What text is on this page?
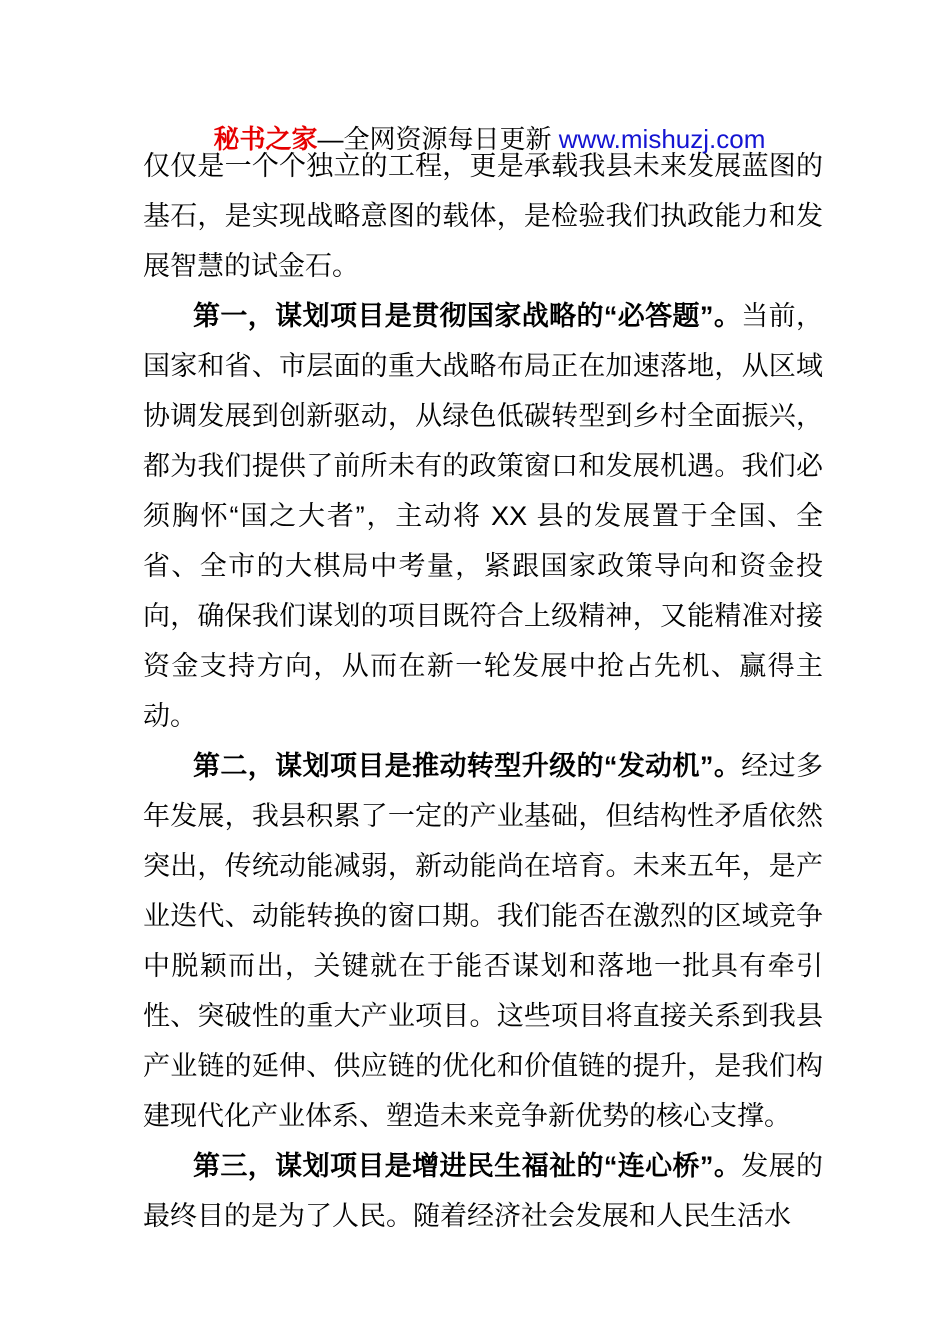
秘书之家—全网资源每日更新 www.mishuzj.com

仅仅是一个个独立的工程，更是承载我县未来发展蓝图的基石，是实现战略意图的载体，是检验我们执政能力和发展智慧的试金石。

第一，谋划项目是贯彻国家战略的“必答题”。当前，国家和省、市层面的重大战略布局正在加速落地，从区域协调发展到创新驱动，从绿色低碳转型到乡村全面振兴，都为我们提供了前所未有的政策窗口和发展机遇。我们必须胸怀“国之大者”，主动将 XX 县的发展置于全国、全省、全市的大棋局中考量，紧跟国家政策导向和资金投向，确保我们谋划的项目既符合上级精神，又能精准对接资金支持方向，从而在新一轮发展中抢占先机、赢得主动。

第二，谋划项目是推动转型升级的“发动机”。经过多年发展，我县积累了一定的产业基础，但结构性矛盾依然突出，传统动能减弱，新动能尚在培育。未来五年，是产业迭代、动能转换的窗口期。我们能否在激烈的区域竞争中脱颖而出，关键就在于能否谋划和落地一批具有牵引性、突破性的重大产业项目。这些项目将直接关系到我县产业链的延伸、供应链的优化和价值链的提升，是我们构建现代化产业体系、塑造未来竞争新优势的核心支撑。

第三，谋划项目是增进民生福祉的“连心桥”。发展的最终目的是为了人民。随着经济社会发展和人民生活水
